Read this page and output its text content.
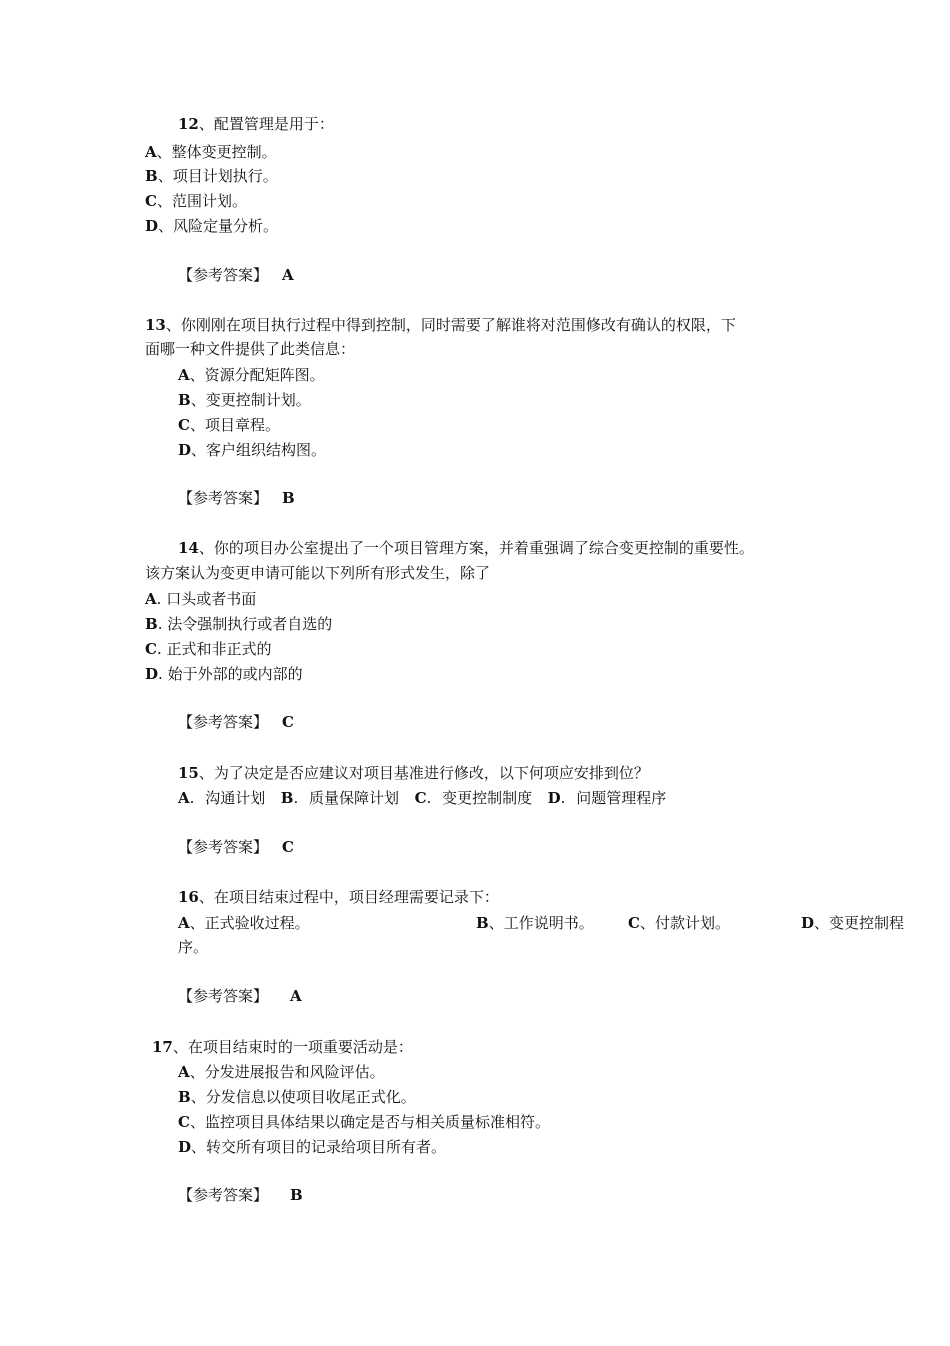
12、配置管理是用于：
A、整体变更控制。
B、项目计划执行。
C、范围计划。
D、风险定量分析。
【参考答案】 A
13、你刚刚在项目执行过程中得到控制，同时需要了解谁将对范围修改有确认的权限，下
面哪一种文件提供了此类信息：
A、资源分配矩阵图。
B、变更控制计划。
C、项目章程。
D、客户组织结构图。
【参考答案】 B
14、你的项目办公室提出了一个项目管理方案，并着重强调了综合变更控制的重要性。
该方案认为变更申请可能以下列所有形式发生，除了
A. 口头或者书面
B. 法令强制执行或者自选的
C. 正式和非正式的
D. 始于外部的或内部的
【参考答案】 C
15、为了决定是否应建议对项目基准进行修改，以下何项应安排到位？
A. 沟通计划 B. 质量保障计划 C. 变更控制制度 D. 问题管理程序
【参考答案】 C
16、在项目结束过程中，项目经理需要记录下：
A、正式验收过程。	B、工作说明书。 C、付款计划。	D、变更控制程
序。
【参考答案】 A
17、在项目结束时的一项重要活动是：
A、分发进展报告和风险评估。
B、分发信息以使项目收尾正式化。
C、监控项目具体结果以确定是否与相关质量标准相符。
D、转交所有项目的记录给项目所有者。
【参考答案】 B
